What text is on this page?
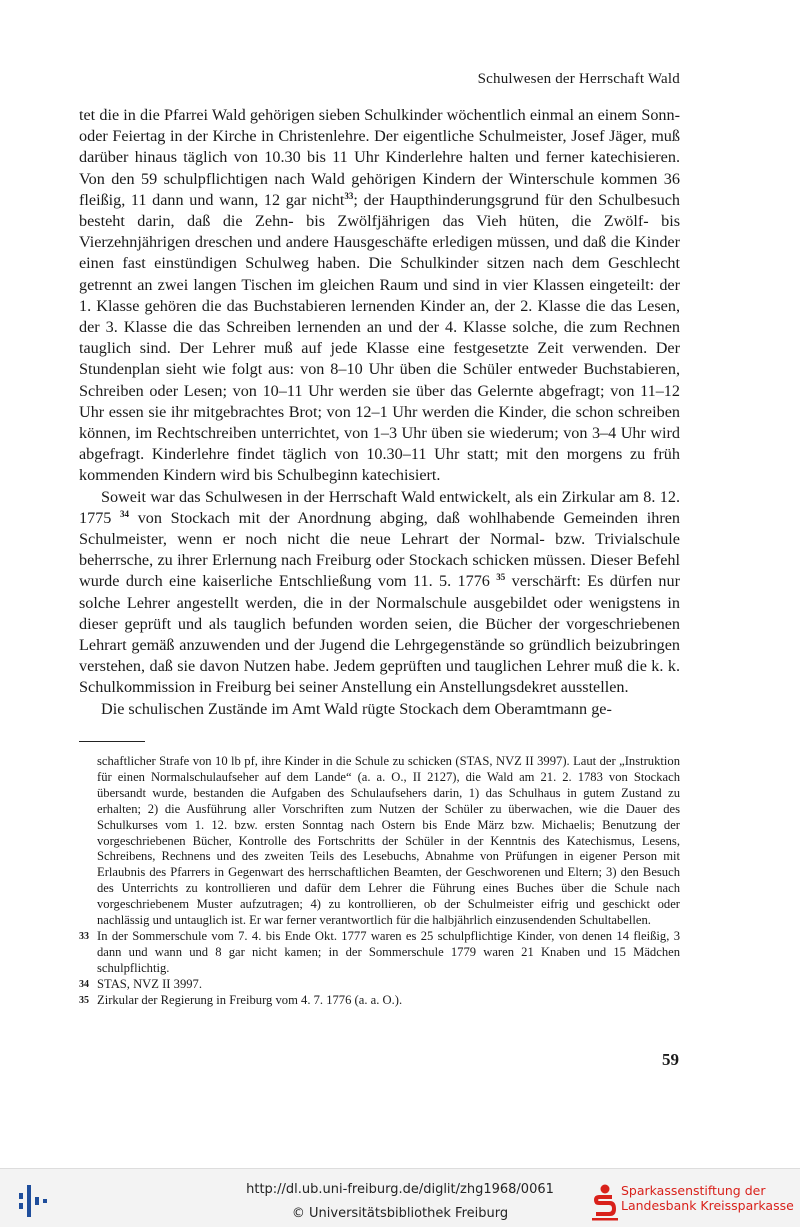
Schulwesen der Herrschaft Wald

tet die in die Pfarrei Wald gehörigen sieben Schulkinder wöchentlich einmal an einem Sonn- oder Feiertag in der Kirche in Christenlehre. Der eigentliche Schulmeister, Josef Jäger, muß darüber hinaus täglich von 10.30 bis 11 Uhr Kinderlehre halten und ferner katechisieren. Von den 59 schulpflichtigen nach Wald gehörigen Kindern der Winterschule kommen 36 fleißig, 11 dann und wann, 12 gar nicht$^{33}$; der Haupthinderungsgrund für den Schulbesuch besteht darin, daß die Zehn- bis Zwölfjährigen das Vieh hüten, die Zwölf- bis Vierzehnjährigen dreschen und andere Hausgeschäfte erledigen müssen, und daß die Kinder einen fast einstündigen Schulweg haben. Die Schulkinder sitzen nach dem Geschlecht getrennt an zwei langen Tischen im gleichen Raum und sind in vier Klassen eingeteilt: der 1. Klasse gehören die das Buchstabieren lernenden Kinder an, der 2. Klasse die das Lesen, der 3. Klasse die das Schreiben lernenden an und der 4. Klasse solche, die zum Rechnen tauglich sind. Der Lehrer muß auf jede Klasse eine festgesetzte Zeit verwenden. Der Stundenplan sieht wie folgt aus: von 8–10 Uhr üben die Schüler entweder Buchstabieren, Schreiben oder Lesen; von 10–11 Uhr werden sie über das Gelernte abgefragt; von 11–12 Uhr essen sie ihr mitgebrachtes Brot; von 12–1 Uhr werden die Kinder, die schon schreiben können, im Rechtschreiben unterrichtet, von 1–3 Uhr üben sie wiederum; von 3–4 Uhr wird abgefragt. Kinderlehre findet täglich von 10.30–11 Uhr statt; mit den morgens zu früh kommenden Kindern wird bis Schulbeginn katechisiert.

Soweit war das Schulwesen in der Herrschaft Wald entwickelt, als ein Zirkular am 8. 12. 1775 $^{34}$ von Stockach mit der Anordnung abging, daß wohlhabende Gemeinden ihren Schulmeister, wenn er noch nicht die neue Lehrart der Normal- bzw. Trivialschule beherrsche, zu ihrer Erlernung nach Freiburg oder Stockach schicken müssen. Dieser Befehl wurde durch eine kaiserliche Entschließung vom 11. 5. 1776 $^{35}$ verschärft: Es dürfen nur solche Lehrer angestellt werden, die in der Normalschule ausgebildet oder wenigstens in dieser geprüft und als tauglich befunden worden seien, die Bücher der vorgeschriebenen Lehrart gemäß anzuwenden und der Jugend die Lehrgegenstände so gründlich beizubringen verstehen, daß sie davon Nutzen habe. Jedem geprüften und tauglichen Lehrer muß die k. k. Schulkommission in Freiburg bei seiner Anstellung ein Anstellungsdekret ausstellen.

Die schulischen Zustände im Amt Wald rügte Stockach dem Oberamtmann ge-

schaftlicher Strafe von 10 lb pf, ihre Kinder in die Schule zu schicken (STAS, NVZ II 3997). Laut der „Instruktion für einen Normalschulaufseher auf dem Lande“ (a. a. O., II 2127), die Wald am 21. 2. 1783 von Stockach übersandt wurde, bestanden die Aufgaben des Schulaufsehers darin, 1) das Schulhaus in gutem Zustand zu erhalten; 2) die Ausführung aller Vorschriften zum Nutzen der Schüler zu überwachen, wie die Dauer des Schulkurses vom 1. 12. bzw. ersten Sonntag nach Ostern bis Ende März bzw. Michaelis; Benutzung der vorgeschriebenen Bücher, Kontrolle des Fortschritts der Schüler in der Kenntnis des Katechismus, Lesens, Schreibens, Rechnens und des zweiten Teils des Lesebuchs, Abnahme von Prüfungen in eigener Person mit Erlaubnis des Pfarrers in Gegenwart des herrschaftlichen Beamten, der Geschworenen und Eltern; 3) den Besuch des Unterrichts zu kontrollieren und dafür dem Lehrer die Führung eines Buches über die Schule nach vorgeschriebenem Muster aufzutragen; 4) zu kontrollieren, ob der Schulmeister eifrig und geschickt oder nachlässig und untauglich ist. Er war ferner verantwortlich für die halbjährlich einzusendenden Schultabellen.

33 In der Sommerschule vom 7. 4. bis Ende Okt. 1777 waren es 25 schulpflichtige Kinder, von denen 14 fleißig, 3 dann und wann und 8 gar nicht kamen; in der Sommerschule 1779 waren 21 Knaben und 15 Mädchen schulpflichtig.
34 STAS, NVZ II 3997.
35 Zirkular der Regierung in Freiburg vom 4. 7. 1776 (a. a. O.).
59
http://dl.ub.uni-freiburg.de/diglit/zhg1968/0061
© Universitätsbibliothek Freiburg
Sparkassenstiftung der
Landesbank Kreissparkasse
